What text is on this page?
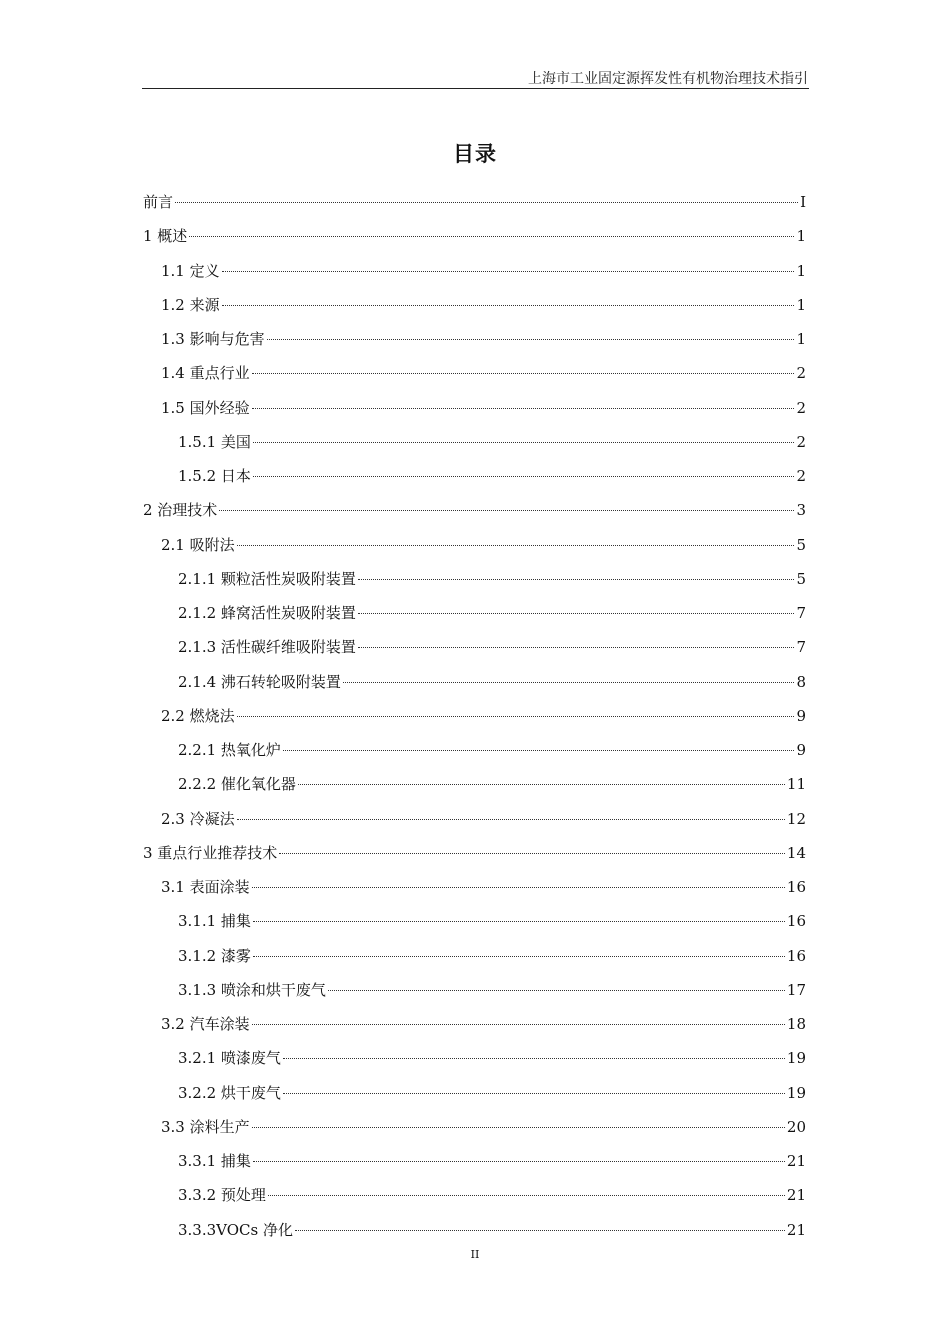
上海市工业固定源挥发性有机物治理技术指引
目录
前言	I
1 概述	1
1.1 定义	1
1.2 来源	1
1.3 影响与危害	1
1.4 重点行业	2
1.5 国外经验	2
1.5.1 美国	2
1.5.2 日本	2
2 治理技术	3
2.1 吸附法	5
2.1.1 颗粒活性炭吸附装置	5
2.1.2 蜂窝活性炭吸附装置	7
2.1.3 活性碳纤维吸附装置	7
2.1.4 沸石转轮吸附装置	8
2.2 燃烧法	9
2.2.1 热氧化炉	9
2.2.2 催化氧化器	11
2.3 冷凝法	12
3 重点行业推荐技术	14
3.1 表面涂装	16
3.1.1 捕集	16
3.1.2 漆雾	16
3.1.3 喷涂和烘干废气	17
3.2 汽车涂装	18
3.2.1 喷漆废气	19
3.2.2 烘干废气	19
3.3 涂料生产	20
3.3.1 捕集	21
3.3.2 预处理	21
3.3.3VOCs 净化	21
II
